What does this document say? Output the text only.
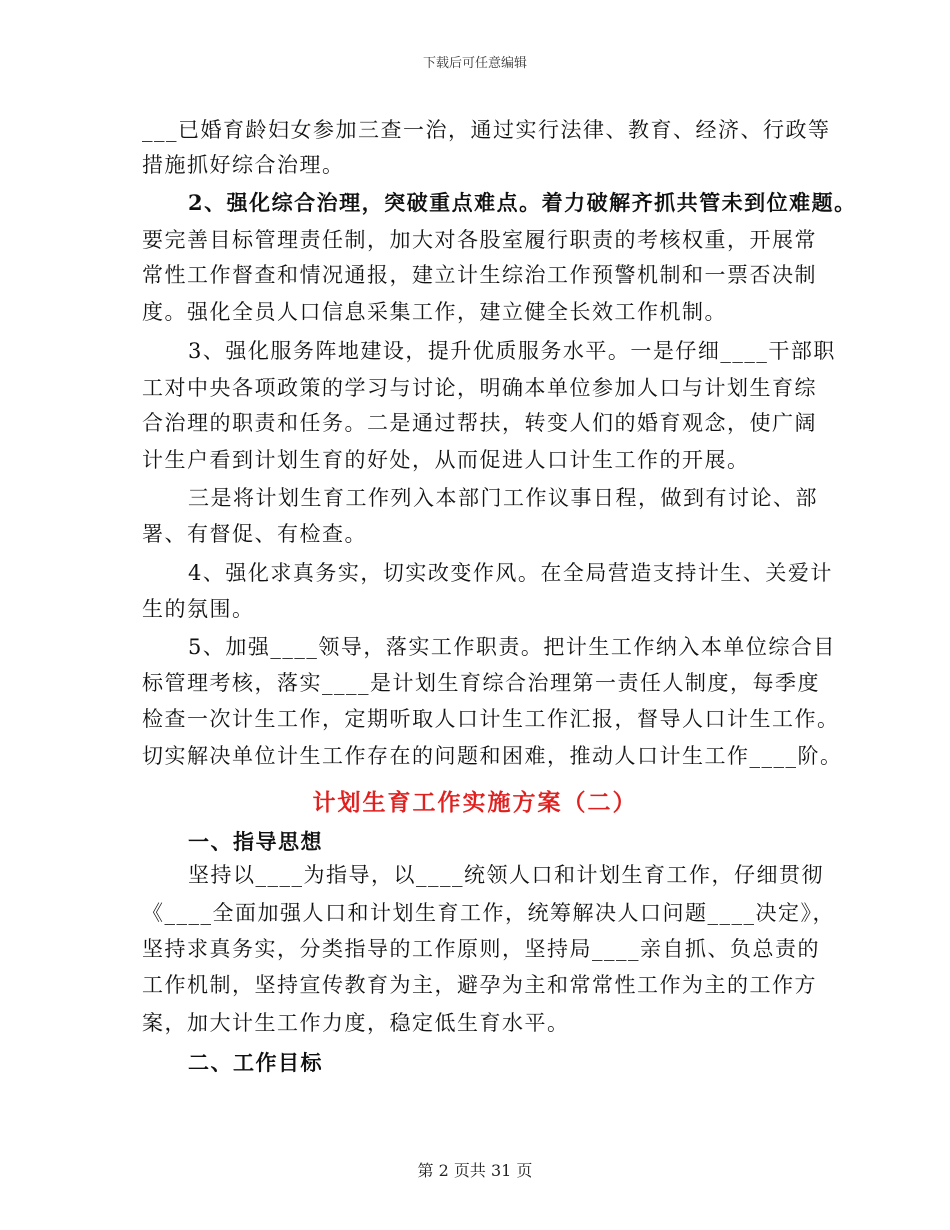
下载后可任意编辑
___已婚育龄妇女参加三查一治，通过实行法律、教育、经济、行政等
措施抓好综合治理。
2、强化综合治理，突破重点难点。着力破解齐抓共管未到位难题。
要完善目标管理责任制，加大对各股室履行职责的考核权重，开展常
常性工作督查和情况通报，建立计生综治工作预警机制和一票否决制
度。强化全员人口信息采集工作，建立健全长效工作机制。
3、强化服务阵地建设，提升优质服务水平。一是仔细____干部职
工对中央各项政策的学习与讨论，明确本单位参加人口与计划生育综
合治理的职责和任务。二是通过帮扶，转变人们的婚育观念，使广阔
计生户看到计划生育的好处，从而促进人口计生工作的开展。
三是将计划生育工作列入本部门工作议事日程，做到有讨论、部
署、有督促、有检查。
4、强化求真务实，切实改变作风。在全局营造支持计生、关爱计
生的氛围。
5、加强____领导，落实工作职责。把计生工作纳入本单位综合目
标管理考核，落实____是计划生育综合治理第一责任人制度，每季度
检查一次计生工作，定期听取人口计生工作汇报，督导人口计生工作。
切实解决单位计生工作存在的问题和困难，推动人口计生工作____阶。
计划生育工作实施方案（二）
一、指导思想
坚持以____为指导，以____统领人口和计划生育工作，仔细贯彻
《____全面加强人口和计划生育工作，统筹解决人口问题____决定》，
坚持求真务实，分类指导的工作原则，坚持局____亲自抓、负总责的
工作机制，坚持宣传教育为主，避孕为主和常常性工作为主的工作方
案，加大计生工作力度，稳定低生育水平。
二、工作目标
第 2 页共 31 页
